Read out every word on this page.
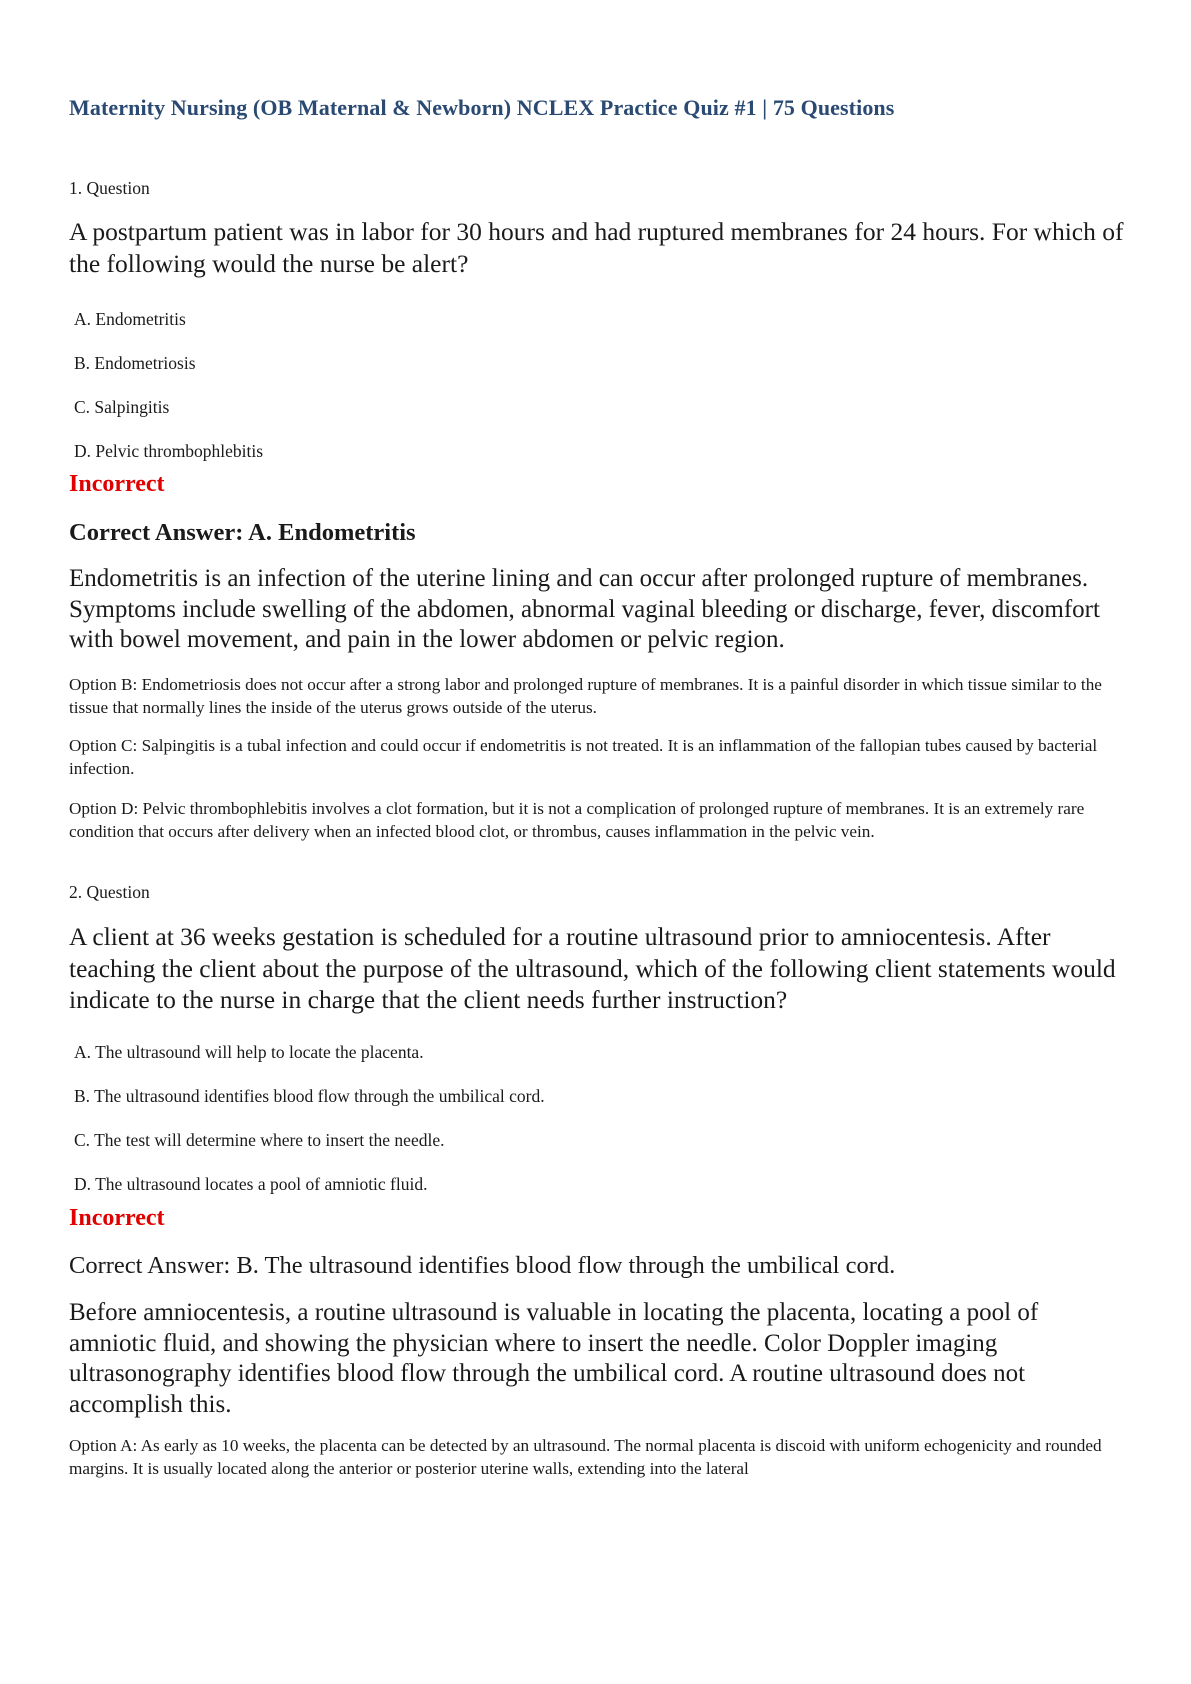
Maternity Nursing (OB Maternal & Newborn) NCLEX Practice Quiz #1 | 75 Questions

1. Question

A postpartum patient was in labor for 30 hours and had ruptured membranes for 24 hours. For which of the following would the nurse be alert?

A. Endometritis
B. Endometriosis
C. Salpingitis
D. Pelvic thrombophlebitis

Incorrect

Correct Answer: A. Endometritis

Endometritis is an infection of the uterine lining and can occur after prolonged rupture of membranes. Symptoms include swelling of the abdomen, abnormal vaginal bleeding or discharge, fever, discomfort with bowel movement, and pain in the lower abdomen or pelvic region.

Option B: Endometriosis does not occur after a strong labor and prolonged rupture of membranes. It is a painful disorder in which tissue similar to the tissue that normally lines the inside of the uterus grows outside of the uterus.

Option C: Salpingitis is a tubal infection and could occur if endometritis is not treated. It is an inflammation of the fallopian tubes caused by bacterial infection.

Option D: Pelvic thrombophlebitis involves a clot formation, but it is not a complication of prolonged rupture of membranes. It is an extremely rare condition that occurs after delivery when an infected blood clot, or thrombus, causes inflammation in the pelvic vein.

2. Question

A client at 36 weeks gestation is scheduled for a routine ultrasound prior to amniocentesis. After teaching the client about the purpose of the ultrasound, which of the following client statements would indicate to the nurse in charge that the client needs further instruction?

A. The ultrasound will help to locate the placenta.
B. The ultrasound identifies blood flow through the umbilical cord.
C. The test will determine where to insert the needle.
D. The ultrasound locates a pool of amniotic fluid.

Incorrect

Correct Answer: B. The ultrasound identifies blood flow through the umbilical cord.

Before amniocentesis, a routine ultrasound is valuable in locating the placenta, locating a pool of amniotic fluid, and showing the physician where to insert the needle. Color Doppler imaging ultrasonography identifies blood flow through the umbilical cord. A routine ultrasound does not accomplish this.

Option A: As early as 10 weeks, the placenta can be detected by an ultrasound. The normal placenta is discoid with uniform echogenicity and rounded margins. It is usually located along the anterior or posterior uterine walls, extending into the lateral
